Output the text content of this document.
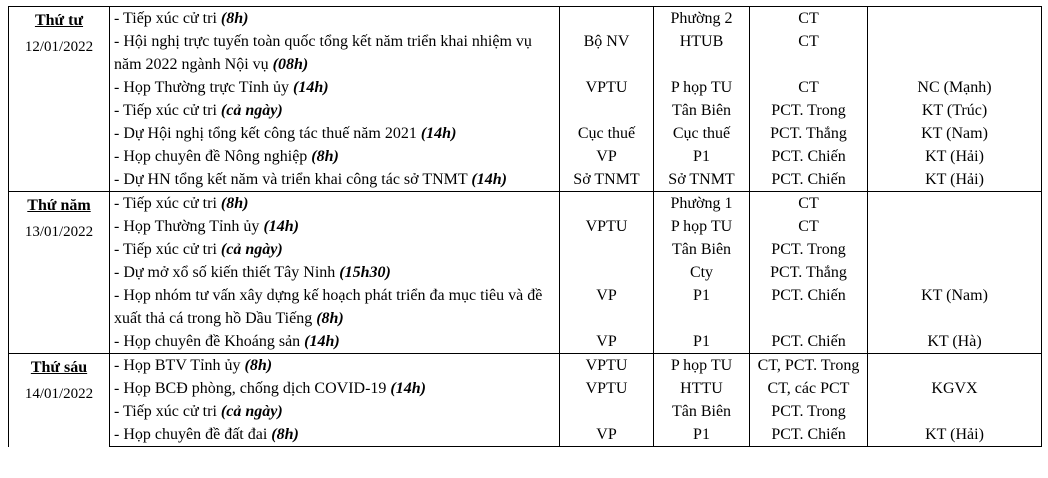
Thứ tư
12/01/2022	- Tiếp xúc cử tri (8h)		Phường 2	CT	
	- Hội nghị trực tuyến toàn quốc tổng kết năm triển khai nhiệm vụ năm 2022 ngành Nội vụ (08h)	Bộ NV	HTUB	CT	
	- Họp Thường trực Tỉnh ủy (14h)	VPTU	P họp TU	CT	NC (Mạnh)
	- Tiếp xúc cử tri (cả ngày)		Tân Biên	PCT. Trong	KT (Trúc)
	- Dự Hội nghị tổng kết công tác thuế năm 2021 (14h)	Cục thuế	Cục thuế	PCT. Thắng	KT (Nam)
	- Họp chuyên đề Nông nghiệp (8h)	VP	P1	PCT. Chiến	KT (Hải)
	- Dự HN tổng kết năm và triển khai công tác sở TNMT (14h)	Sở TNMT	Sở TNMT	PCT. Chiến	KT (Hải)

Thứ năm
13/01/2022	- Tiếp xúc cử tri (8h)		Phường 1	CT	
	- Họp Thường Tỉnh ủy (14h)	VPTU	P họp TU	CT	
	- Tiếp xúc cử tri (cả ngày)		Tân Biên	PCT. Trong	
	- Dự mở xổ số kiến thiết Tây Ninh (15h30)		Cty	PCT. Thắng	
	- Họp nhóm tư vấn xây dựng kế hoạch phát triển đa mục tiêu và đề xuất thả cá trong hồ Dầu Tiếng (8h)	VP	P1	PCT. Chiến	KT (Nam)
	- Họp chuyên đề Khoáng sản (14h)	VP	P1	PCT. Chiến	KT (Hà)

Thứ sáu
14/01/2022	- Họp BTV Tỉnh ủy (8h)	VPTU	P họp TU	CT, PCT. Trong	
	- Họp BCĐ phòng, chống dịch COVID-19 (14h)	VPTU	HTTU	CT, các PCT	KGVX
	- Tiếp xúc cử tri (cả ngày)		Tân Biên	PCT. Trong	
	- Họp chuyên đề đất đai (8h)	VP	P1	PCT. Chiến	KT (Hải)
